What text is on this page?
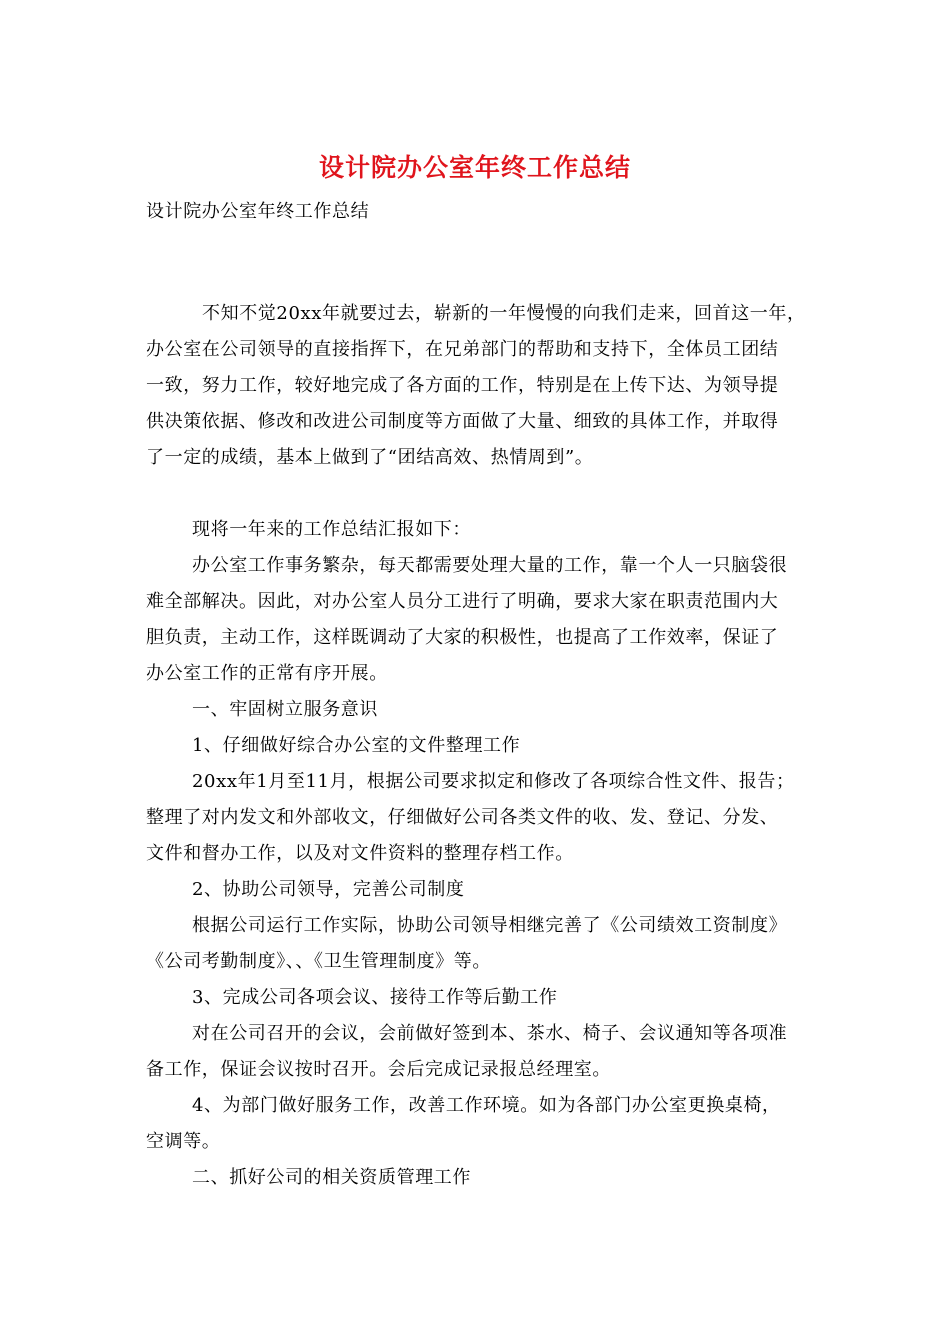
设计院办公室年终工作总结
设计院办公室年终工作总结
不知不觉20xx年就要过去，崭新的一年慢慢的向我们走来，回首这一年，
办公室在公司领导的直接指挥下，在兄弟部门的帮助和支持下，全体员工团结
一致，努力工作，较好地完成了各方面的工作，特别是在上传下达、为领导提
供决策依据、修改和改进公司制度等方面做了大量、细致的具体工作，并取得
了一定的成绩，基本上做到了“团结高效、热情周到”。
现将一年来的工作总结汇报如下：
办公室工作事务繁杂，每天都需要处理大量的工作，靠一个人一只脑袋很
难全部解决。因此，对办公室人员分工进行了明确，要求大家在职责范围内大
胆负责，主动工作，这样既调动了大家的积极性，也提高了工作效率，保证了
办公室工作的正常有序开展。
一、牢固树立服务意识
1、仔细做好综合办公室的文件整理工作
20xx年1月至11月，根据公司要求拟定和修改了各项综合性文件、报告；
整理了对内发文和外部收文，仔细做好公司各类文件的收、发、登记、分发、
文件和督办工作，以及对文件资料的整理存档工作。
2、协助公司领导，完善公司制度
根据公司运行工作实际，协助公司领导相继完善了《公司绩效工资制度》
《公司考勤制度》、、《卫生管理制度》等。
3、完成公司各项会议、接待工作等后勤工作
对在公司召开的会议，会前做好签到本、茶水、椅子、会议通知等各项准
备工作，保证会议按时召开。会后完成记录报总经理室。
4、为部门做好服务工作，改善工作环境。如为各部门办公室更换桌椅，
空调等。
二、抓好公司的相关资质管理工作
